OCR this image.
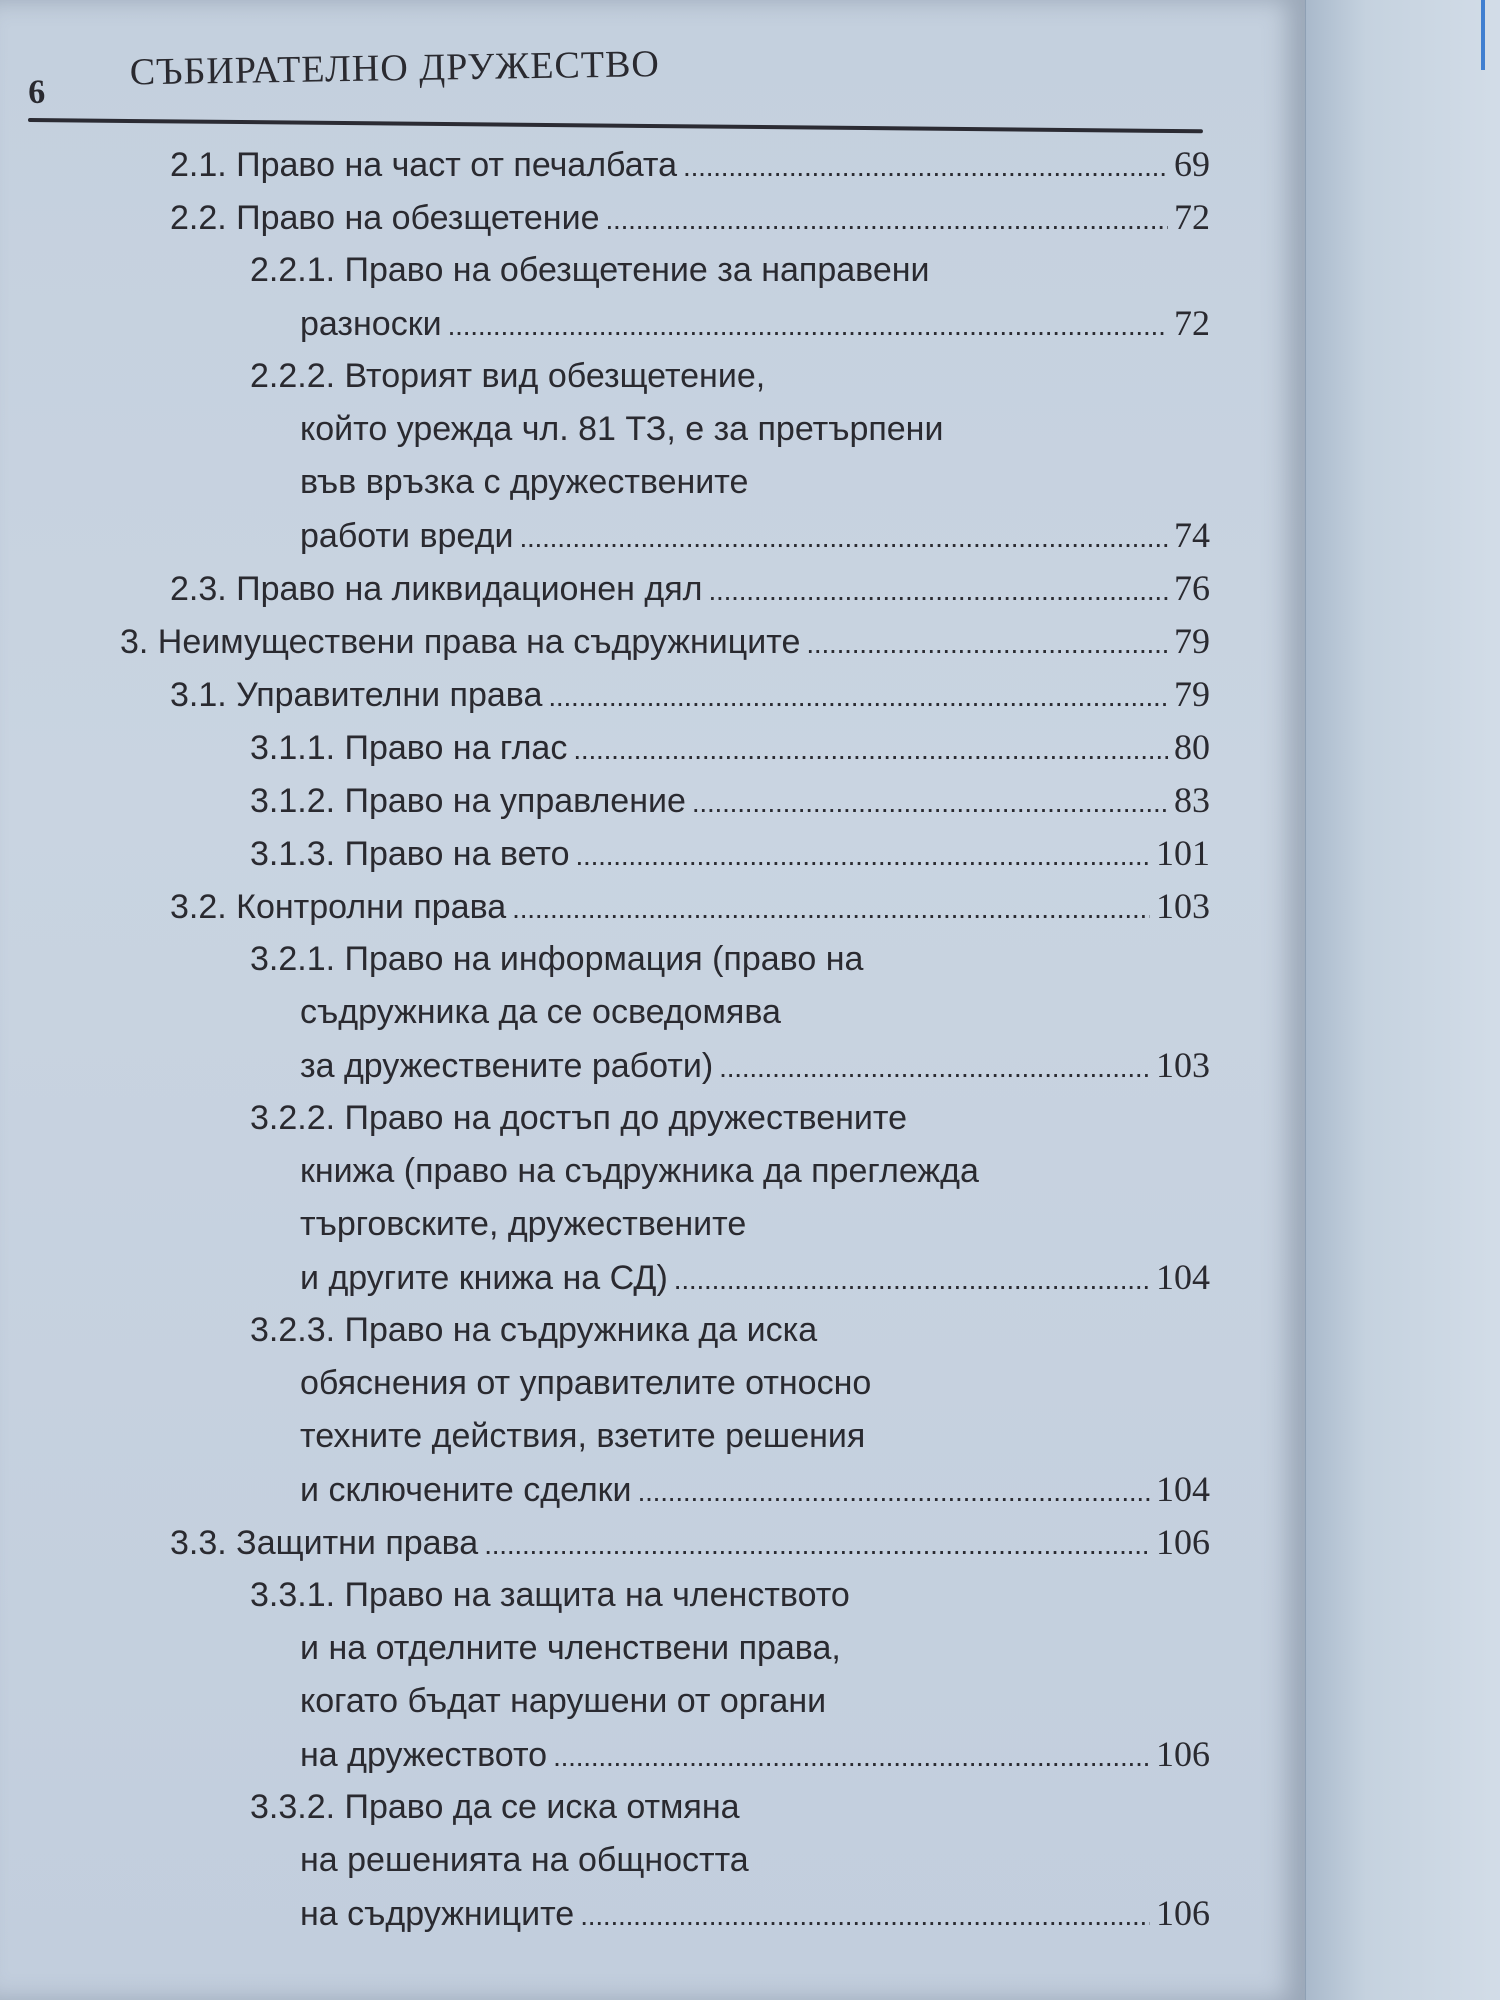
6 СЪБИРАТЕЛНО ДРУЖЕСТВО
2.1. Право на част от печалбата . . .	69
2.2. Право на обезщетение . . .	72
2.2.1. Право на обезщетение за направени
разноски . . .	72
2.2.2. Вторият вид обезщетение,
който урежда чл. 81 ТЗ, е за претърпени
във връзка с дружествените
работи вреди . . .	74
2.3. Право на ликвидационен дял . . .	76
3. Неимуществени права на съдружниците . . .	79
3.1. Управителни права . . .	79
3.1.1. Право на глас . . .	80
3.1.2. Право на управление . . .	83
3.1.3. Право на вето . . .	101
3.2. Контролни права . . .	103
3.2.1. Право на информация (право на
съдружника да се осведомява
за дружествените работи) . . .	103
3.2.2. Право на достъп до дружествените
книжа (право на съдружника да преглежда
търговските, дружествените
и другите книжа на СД) . . .	104
3.2.3. Право на съдружника да иска
обяснения от управителите относно
техните действия, взетите решения
и сключените сделки . . .	104
3.3. Защитни права . . .	106
3.3.1. Право на защита на членството
и на отделните членствени права,
когато бъдат нарушени от органи
на дружеството . . .	106
3.3.2. Право да се иска отмяна
на решенията на общността
на съдружниците . . .	106
